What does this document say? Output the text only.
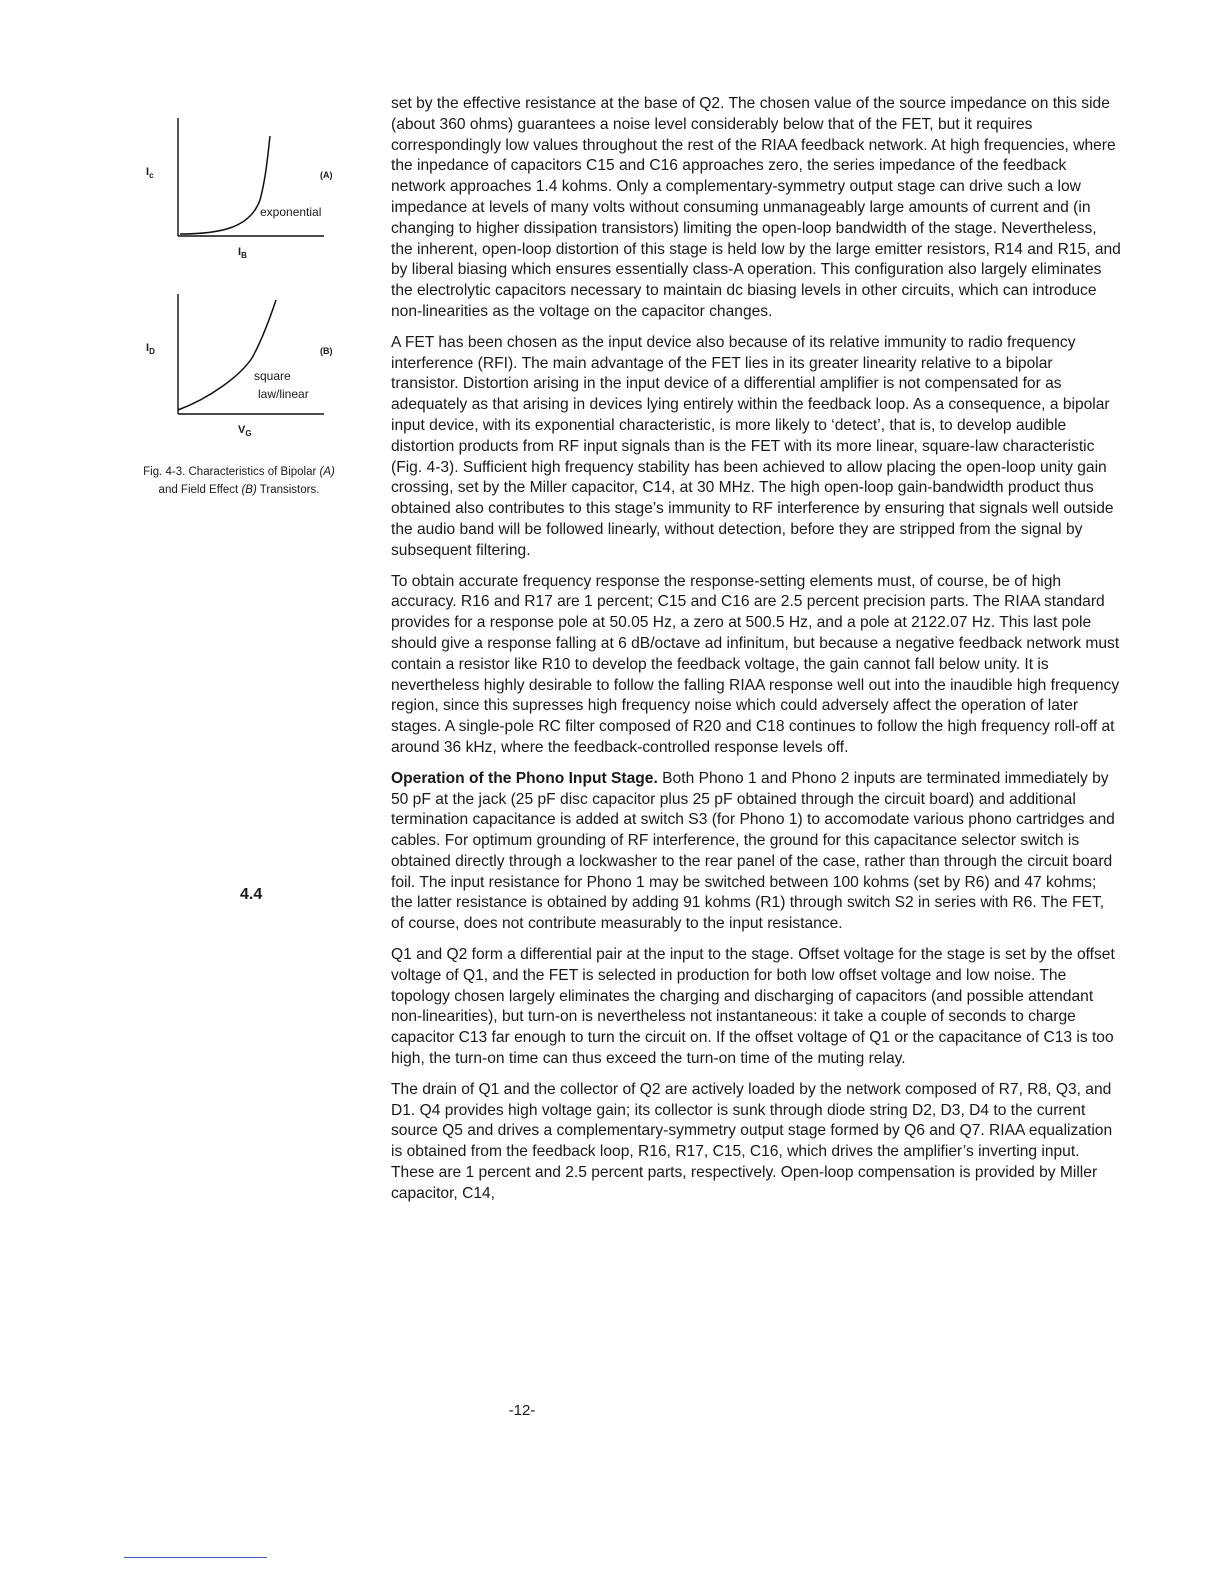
$I_c$	(A)
exponential
$I_B$
$I_D$	(B)
square
law/linear
$V_G$
Fig. 4-3. Characteristics of Bipolar (A)
and Field Effect (B) Transistors.
4.4

set by the effective resistance at the base of Q2. The chosen value of the source impedance on this side (about 360 ohms) guarantees a noise level considerably below that of the FET, but it requires correspondingly low values throughout the rest of the RIAA feedback network. At high frequencies, where the inpedance of capacitors C15 and C16 approaches zero, the series impedance of the feedback network approaches 1.4 kohms. Only a complementary-symmetry output stage can drive such a low impedance at levels of many volts without consuming unmanageably large amounts of current and (in changing to higher dissipation transistors) limiting the open-loop bandwidth of the stage. Nevertheless, the inherent, open-loop distortion of this stage is held low by the large emitter resistors, R14 and R15, and by liberal biasing which ensures essentially class-A operation. This configuration also largely eliminates the electrolytic capacitors necessary to maintain dc biasing levels in other circuits, which can introduce non-linearities as the voltage on the capacitor changes.

A FET has been chosen as the input device also because of its relative immunity to radio frequency interference (RFI). The main advantage of the FET lies in its greater linearity relative to a bipolar transistor. Distortion arising in the input device of a differential amplifier is not compensated for as adequately as that arising in devices lying entirely within the feedback loop. As a consequence, a bipolar input device, with its exponential characteristic, is more likely to ‘detect’, that is, to develop audible distortion products from RF input signals than is the FET with its more linear, square-law characteristic (Fig. 4-3). Sufficient high frequency stability has been achieved to allow placing the open-loop unity gain crossing, set by the Miller capacitor, C14, at 30 MHz. The high open-loop gain-bandwidth product thus obtained also contributes to this stage’s immunity to RF interference by ensuring that signals well outside the audio band will be followed linearly, without detection, before they are stripped from the signal by subsequent filtering.

To obtain accurate frequency response the response-setting elements must, of course, be of high accuracy. R16 and R17 are 1 percent; C15 and C16 are 2.5 percent precision parts. The RIAA standard provides for a response pole at 50.05 Hz, a zero at 500.5 Hz, and a pole at 2122.07 Hz. This last pole should give a response falling at 6 dB/octave ad infinitum, but because a negative feedback network must contain a resistor like R10 to develop the feedback voltage, the gain cannot fall below unity. It is nevertheless highly desirable to follow the falling RIAA response well out into the inaudible high frequency region, since this supresses high frequency noise which could adversely affect the operation of later stages. A single-pole RC filter composed of R20 and C18 continues to follow the high frequency roll-off at around 36 kHz, where the feedback-controlled response levels off.

Operation of the Phono Input Stage. Both Phono 1 and Phono 2 inputs are terminated immediately by 50 pF at the jack (25 pF disc capacitor plus 25 pF obtained through the circuit board) and additional termination capacitance is added at switch S3 (for Phono 1) to accomodate various phono cartridges and cables. For optimum grounding of RF interference, the ground for this capacitance selector switch is obtained directly through a lockwasher to the rear panel of the case, rather than through the circuit board foil. The input resistance for Phono 1 may be switched between 100 kohms (set by R6) and 47 kohms; the latter resistance is obtained by adding 91 kohms (R1) through switch S2 in series with R6. The FET, of course, does not contribute measurably to the input resistance.

Q1 and Q2 form a differential pair at the input to the stage. Offset voltage for the stage is set by the offset voltage of Q1, and the FET is selected in production for both low offset voltage and low noise. The topology chosen largely eliminates the charging and discharging of capacitors (and possible attendant non-linearities), but turn-on is nevertheless not instantaneous: it take a couple of seconds to charge capacitor C13 far enough to turn the circuit on. If the offset voltage of Q1 or the capacitance of C13 is too high, the turn-on time can thus exceed the turn-on time of the muting relay.

The drain of Q1 and the collector of Q2 are actively loaded by the network composed of R7, R8, Q3, and D1. Q4 provides high voltage gain; its collector is sunk through diode string D2, D3, D4 to the current source Q5 and drives a complementary-symmetry output stage formed by Q6 and Q7. RIAA equalization is obtained from the feedback loop, R16, R17, C15, C16, which drives the amplifier’s inverting input. These are 1 percent and 2.5 percent parts, respectively. Open-loop compensation is provided by Miller capacitor, C14,

-12-
